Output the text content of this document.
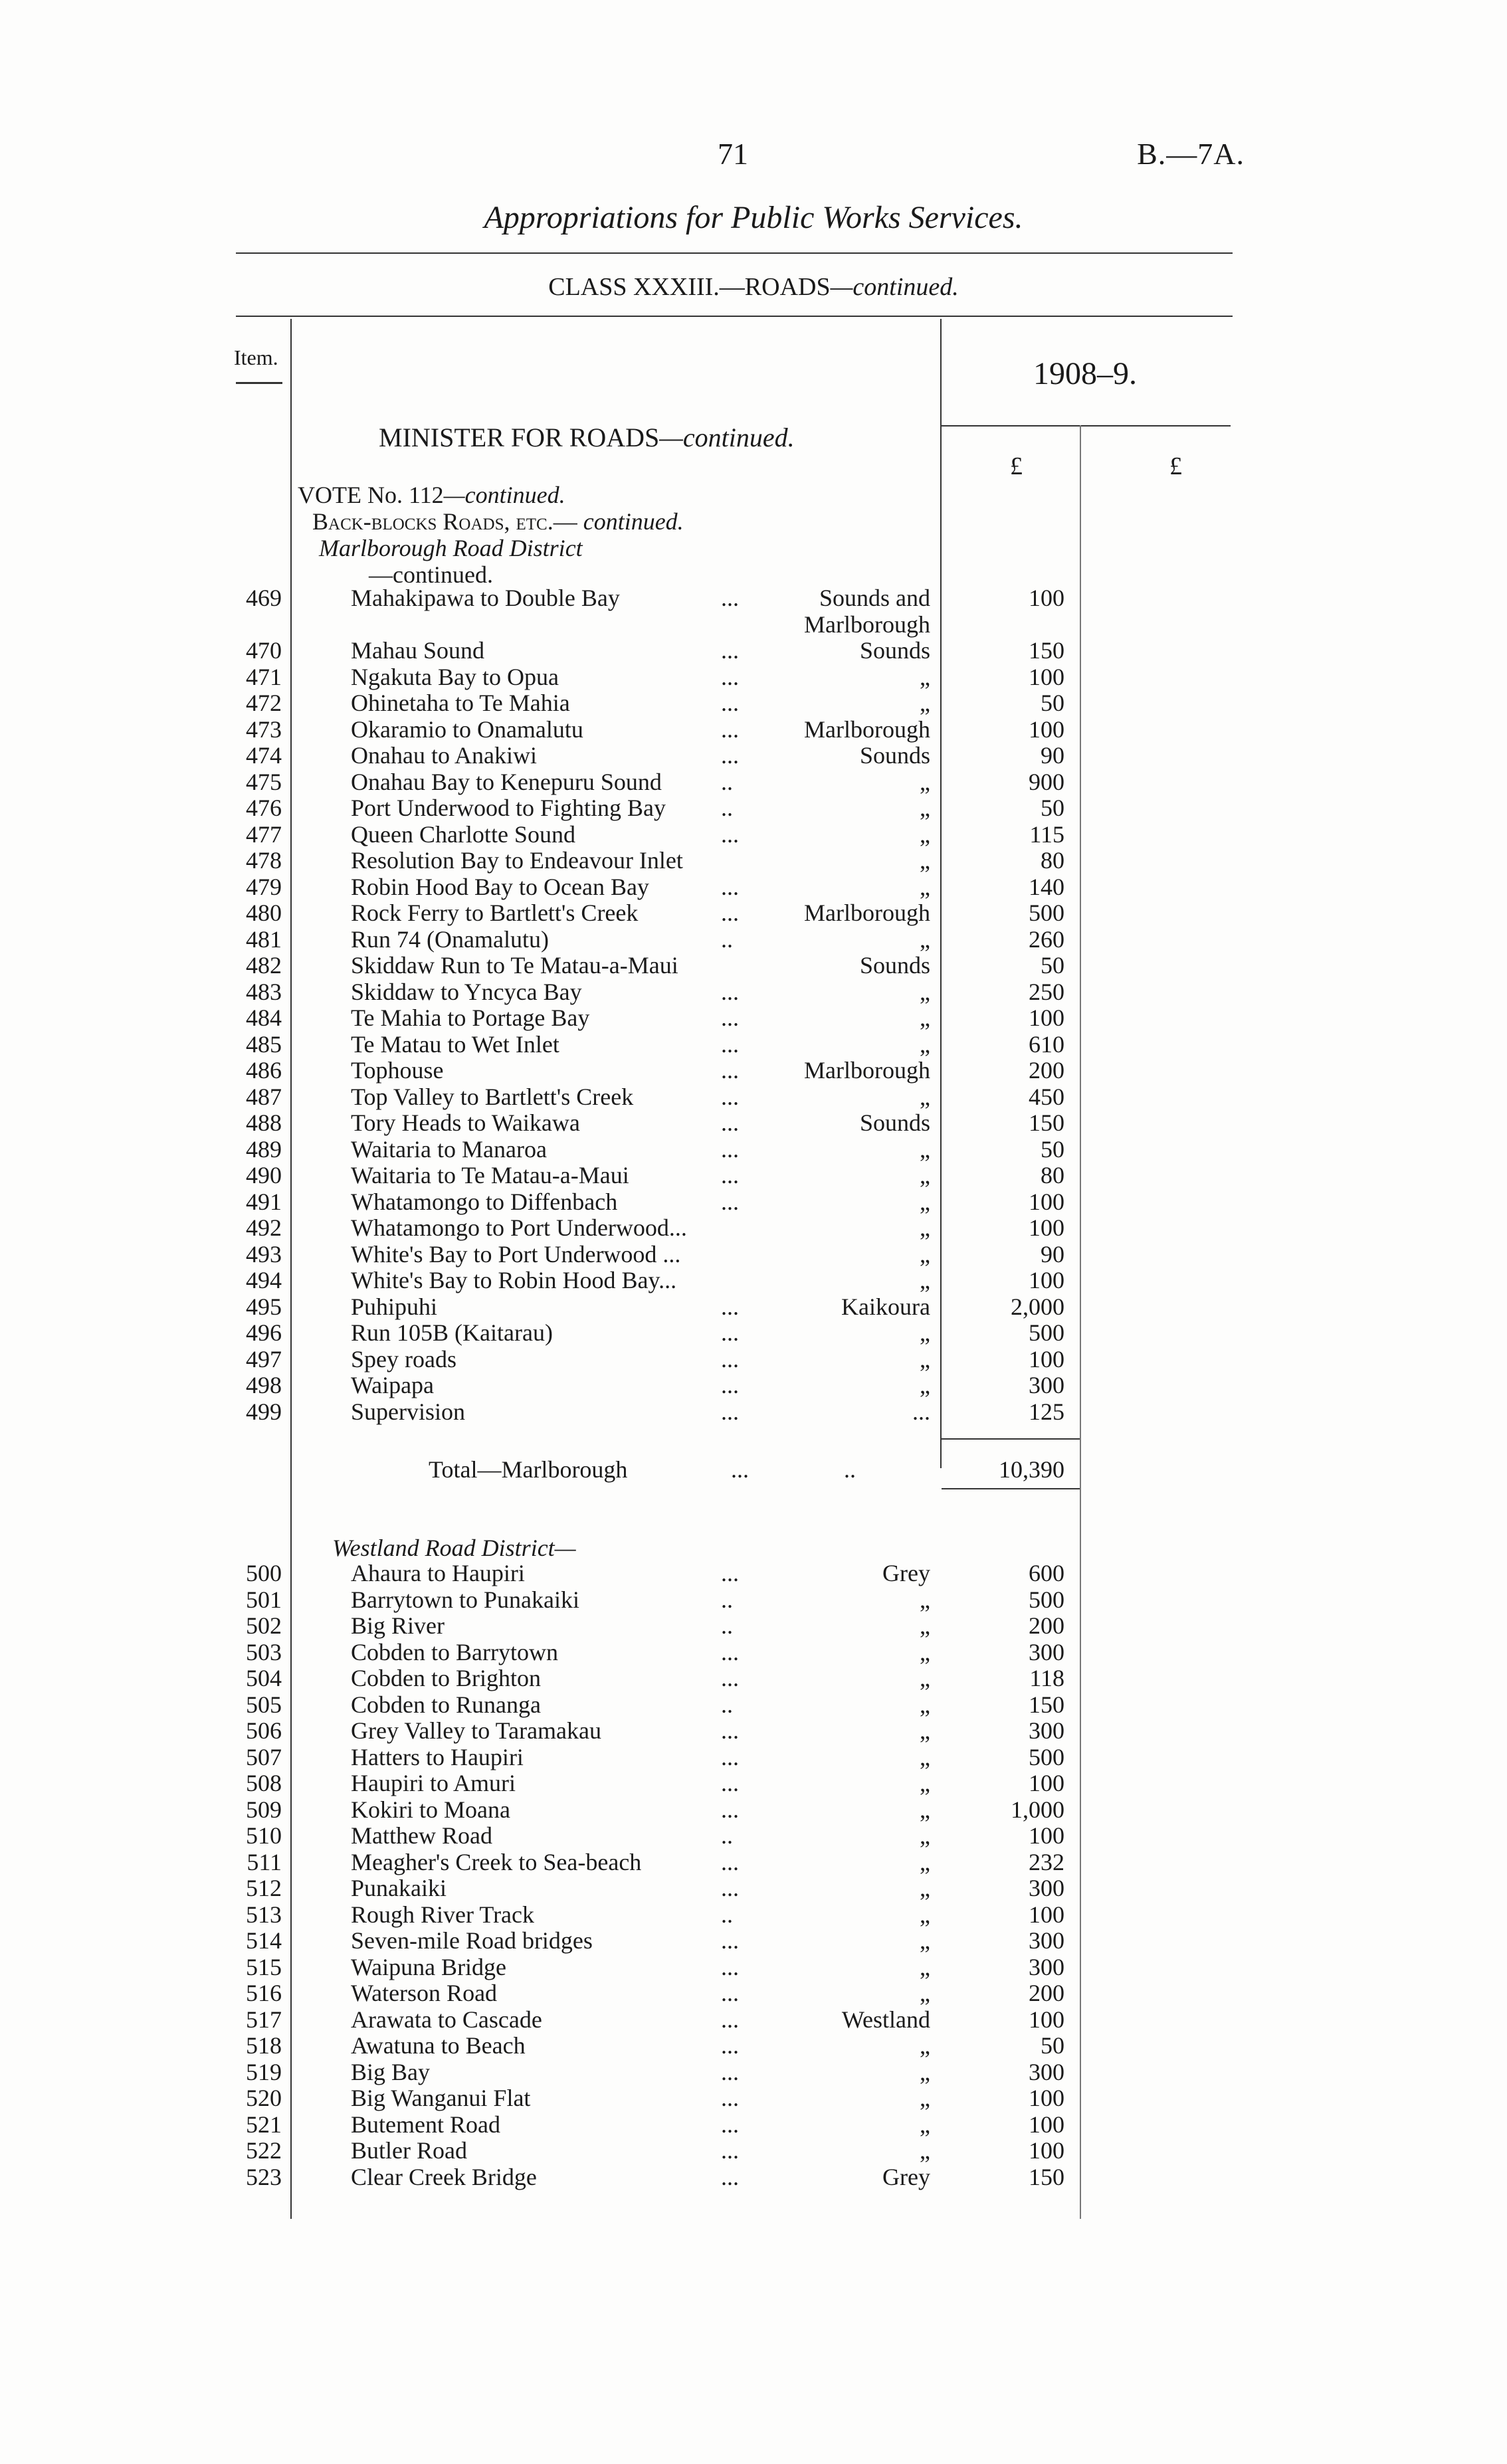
71	B.—7A.
Appropriations for Public Works Services.
CLASS XXXIII.—ROADS—continued.
Item.	1908–9.
MINISTER FOR ROADS—continued.
£	£
VOTE No. 112—continued.
Back-blocks Roads, etc.— continued.
Marlborough Road District
—continued.
469	Mahakipawa to Double Bay	...	Sounds and	100
Marlborough
470	Mahau Sound	...	Sounds	150
471	Ngakuta Bay to Opua	...	„	100
472	Ohinetaha to Te Mahia	...	„	50
473	Okaramio to Onamalutu	...	Marlborough	100
474	Onahau to Anakiwi	...	Sounds	90
475	Onahau Bay to Kenepuru Sound ..	„	900
476	Port Underwood to Fighting Bay ..	„	50
477	Queen Charlotte Sound	...	„	115
478	Resolution Bay to Endeavour Inlet	„	80
479	Robin Hood Bay to Ocean Bay	...	„	140
480	Rock Ferry to Bartlett's Creek	...	Marlborough	500
481	Run 74 (Onamalutu)	..	„	260
482	Skiddaw Run to Te Matau-a-Maui	Sounds	50
483	Skiddaw to Yncyca Bay	...	„	250
484	Te Mahia to Portage Bay	...	„	100
485	Te Matau to Wet Inlet	...	„	610
486	Tophouse	...	Marlborough	200
487	Top Valley to Bartlett's Creek	...	„	450
488	Tory Heads to Waikawa	...	Sounds	150
489	Waitaria to Manaroa	...	„	50
490	Waitaria to Te Matau-a-Maui	...	„	80
491	Whatamongo to Diffenbach	...	„	100
492	Whatamongo to Port Underwood...	„	100
493	White's Bay to Port Underwood ...	„	90
494	White's Bay to Robin Hood Bay...	„	100
495	Puhipuhi	...	Kaikoura	2,000
496	Run 105B (Kaitarau)	...	„	500
497	Spey roads	...	„	100
498	Waipapa	...	„	300
499	Supervision	...	...	125
Total—Marlborough	...	..	10,390
Westland Road District—
500	Ahaura to Haupiri	...	Grey	600
501	Barrytown to Punakaiki	..	„	500
502	Big River	..	„	200
503	Cobden to Barrytown	...	„	300
504	Cobden to Brighton	...	„	118
505	Cobden to Runanga	..	„	150
506	Grey Valley to Taramakau	...	„	300
507	Hatters to Haupiri	...	„	500
508	Haupiri to Amuri	...	„	100
509	Kokiri to Moana	...	„	1,000
510	Matthew Road	..	„	100
511	Meagher's Creek to Sea-beach	...	„	232
512	Punakaiki	...	„	300
513	Rough River Track	..	„	100
514	Seven-mile Road bridges	...	„	300
515	Waipuna Bridge	...	„	300
516	Waterson Road	...	„	200
517	Arawata to Cascade	...	Westland	100
518	Awatuna to Beach	...	„	50
519	Big Bay	...	„	300
520	Big Wanganui Flat	...	„	100
521	Butement Road	...	„	100
522	Butler Road	...	„	100
523	Clear Creek Bridge	...	Grey	150
